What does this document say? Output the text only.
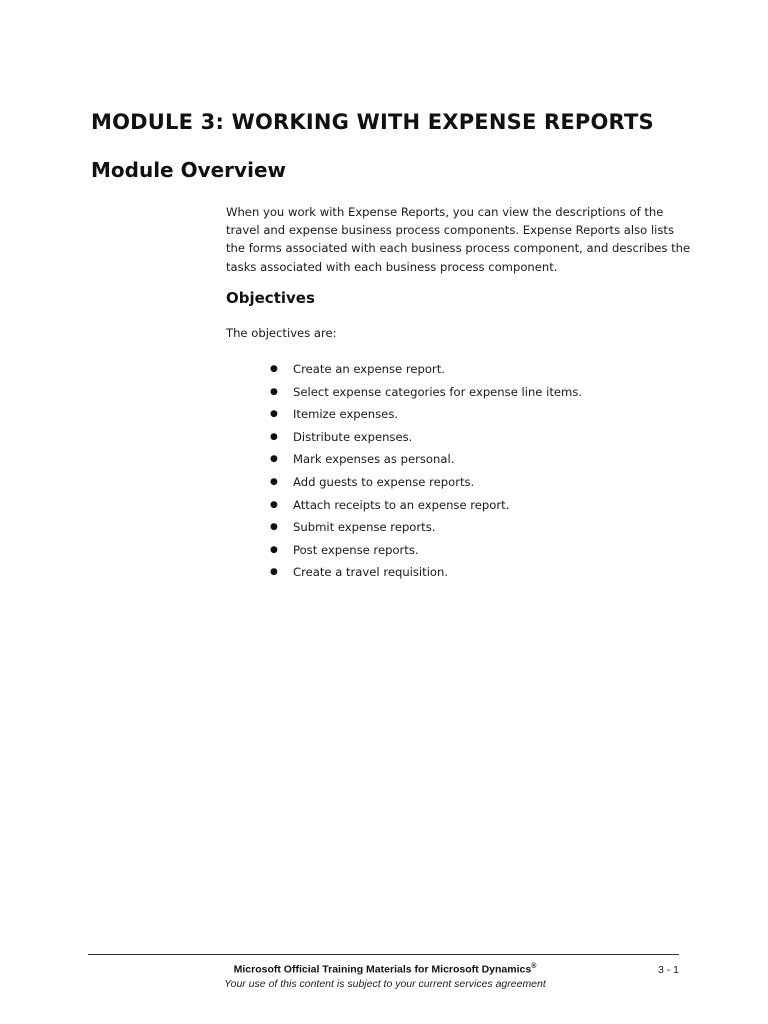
MODULE 3: WORKING WITH EXPENSE REPORTS
Module Overview

When you work with Expense Reports, you can view the descriptions of the travel and expense business process components. Expense Reports also lists the forms associated with each business process component, and describes the tasks associated with each business process component.

Objectives

The objectives are:

● Create an expense report.
● Select expense categories for expense line items.
● Itemize expenses.
● Distribute expenses.
● Mark expenses as personal.
● Add guests to expense reports.
● Attach receipts to an expense report.
● Submit expense reports.
● Post expense reports.
● Create a travel requisition.

Microsoft Official Training Materials for Microsoft Dynamics®

Your use of this content is subject to your current services agreement

3 - 1
